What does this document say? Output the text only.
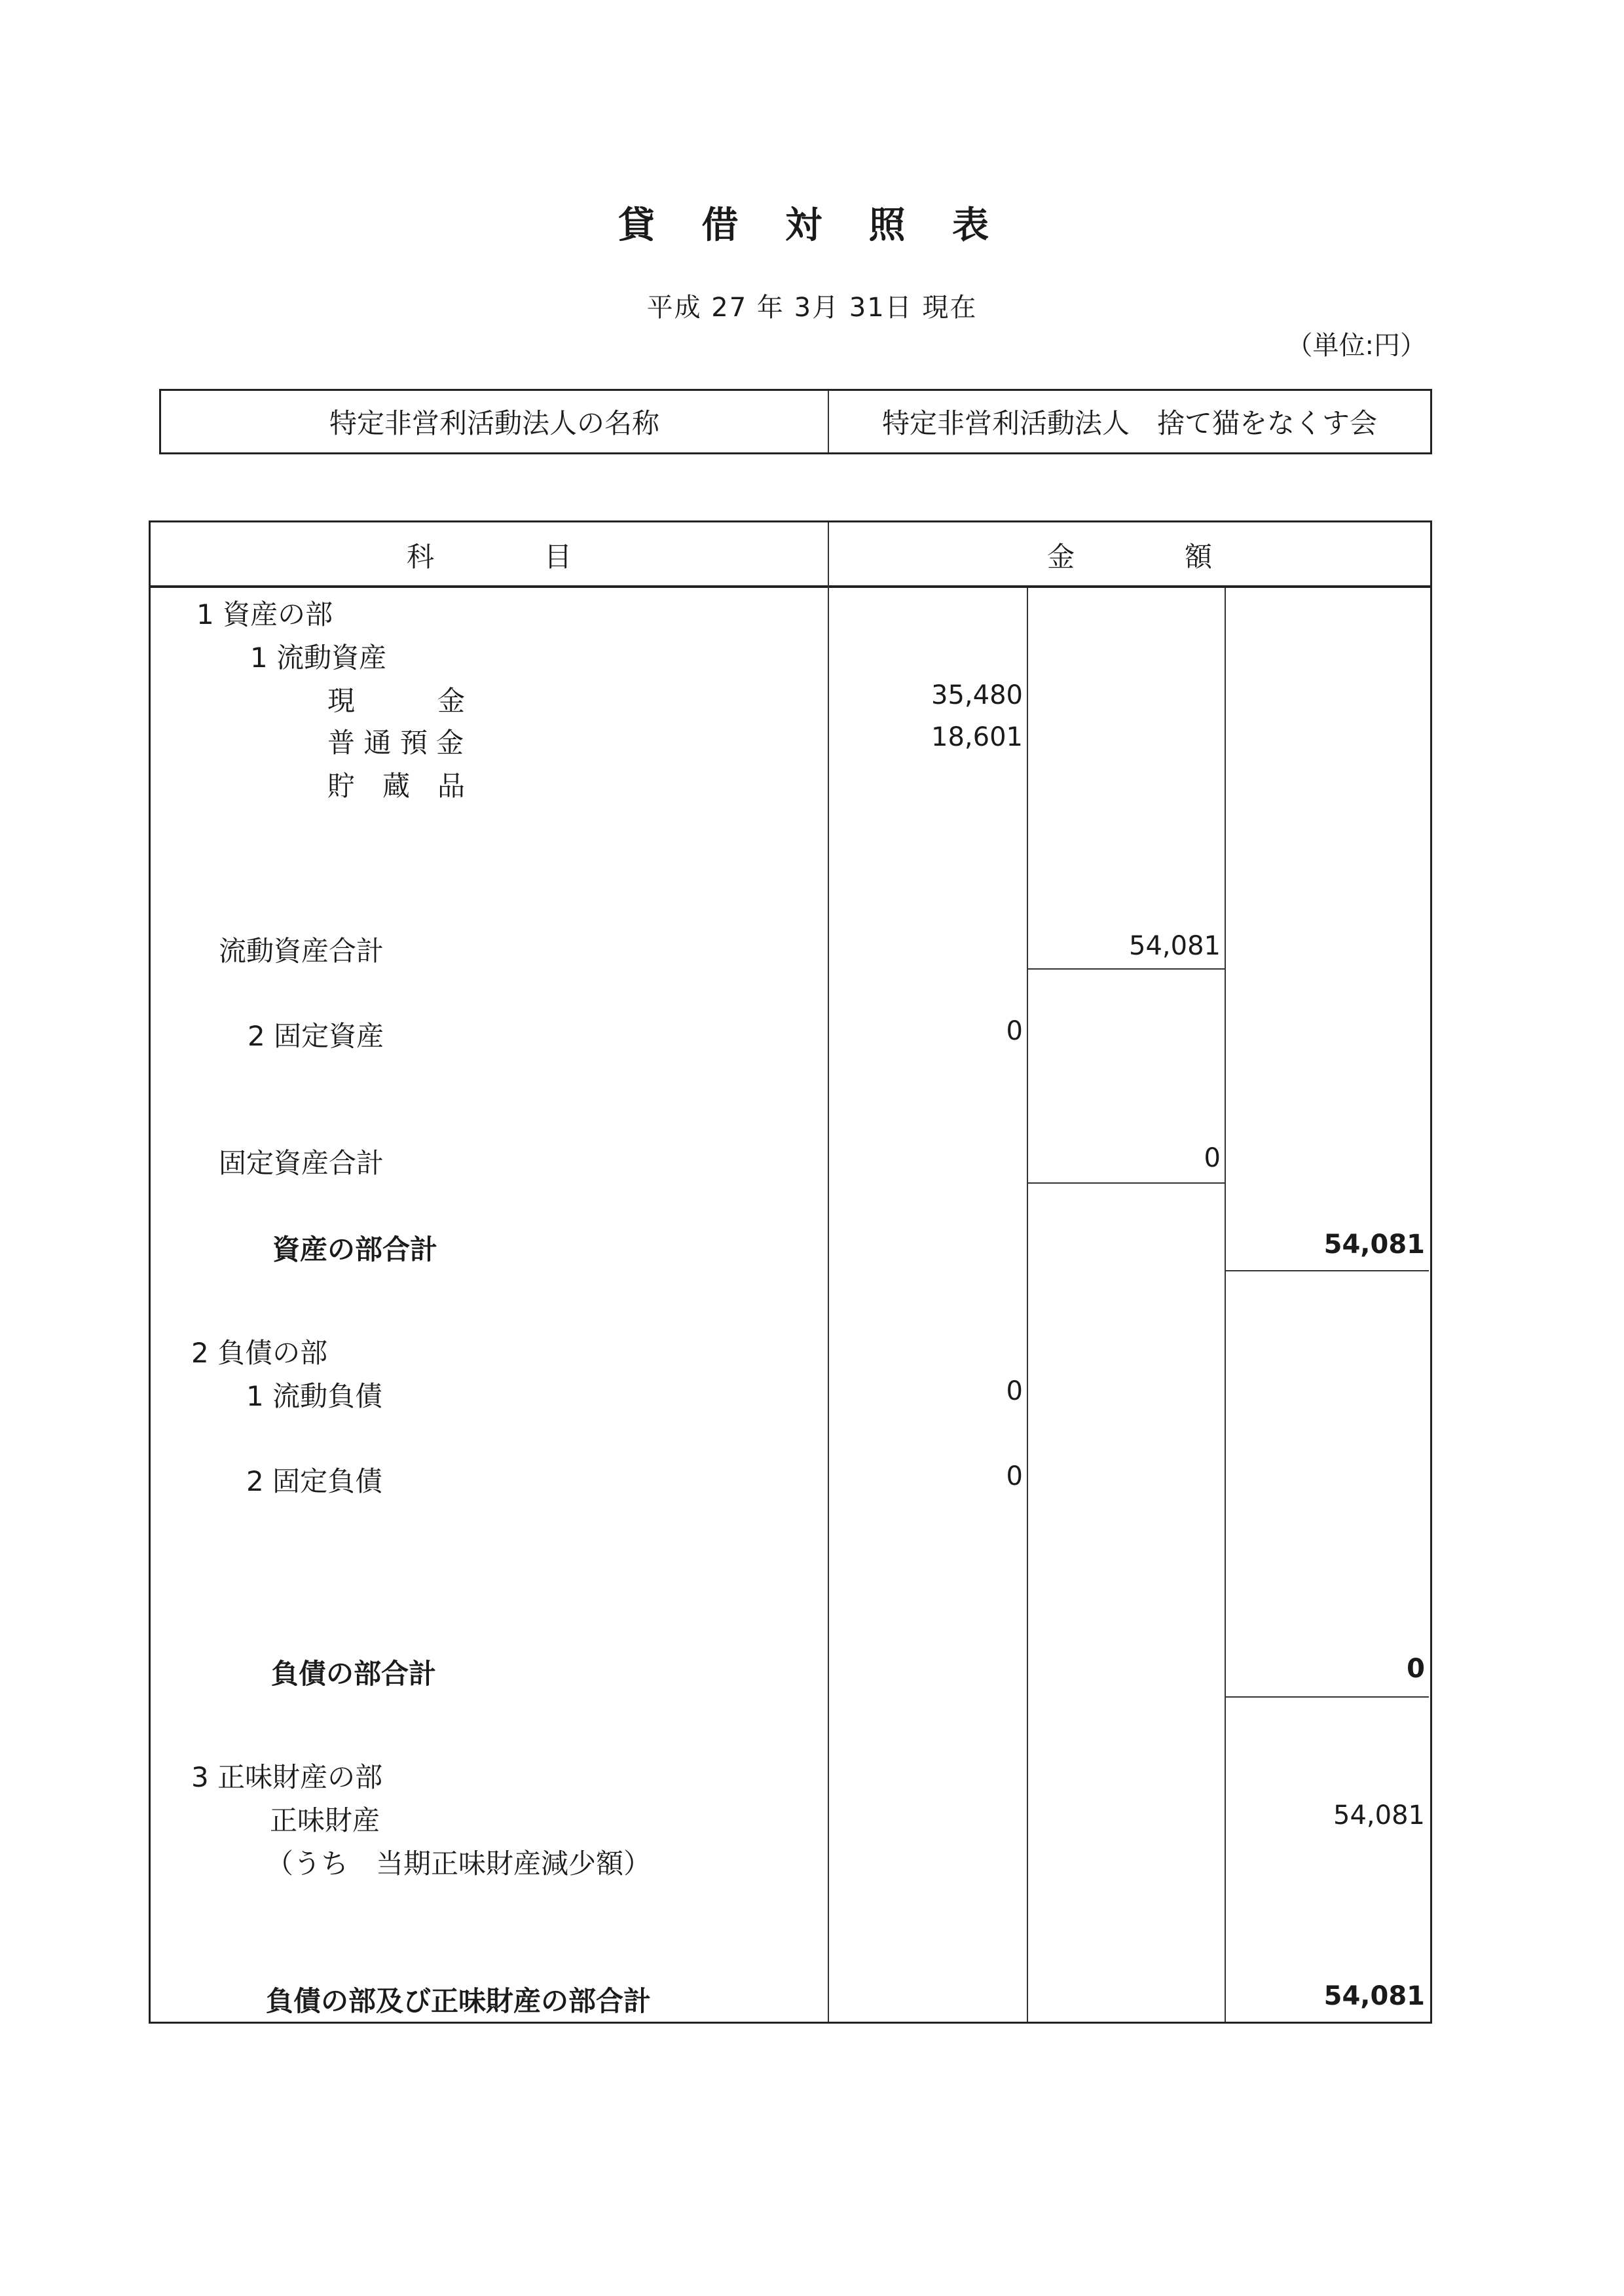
貸 借 対 照 表
平成 27 年 3月 31日 現在
（単位:円）
特定非営利活動法人の名称	特定非営利活動法人　捨て猫をなくす会
科　　　　目	金　　　　額
1 資産の部
1 流動資産
現　　　金	35,480
普 通 預 金	18,601
貯　蔵　品
流動資産合計	54,081
2 固定資産	0
固定資産合計	0
資産の部合計	54,081
2 負債の部
1 流動負債	0
2 固定負債	0
負債の部合計	0
3 正味財産の部
正味財産	54,081
（うち　当期正味財産減少額）
負債の部及び正味財産の部合計	54,081
